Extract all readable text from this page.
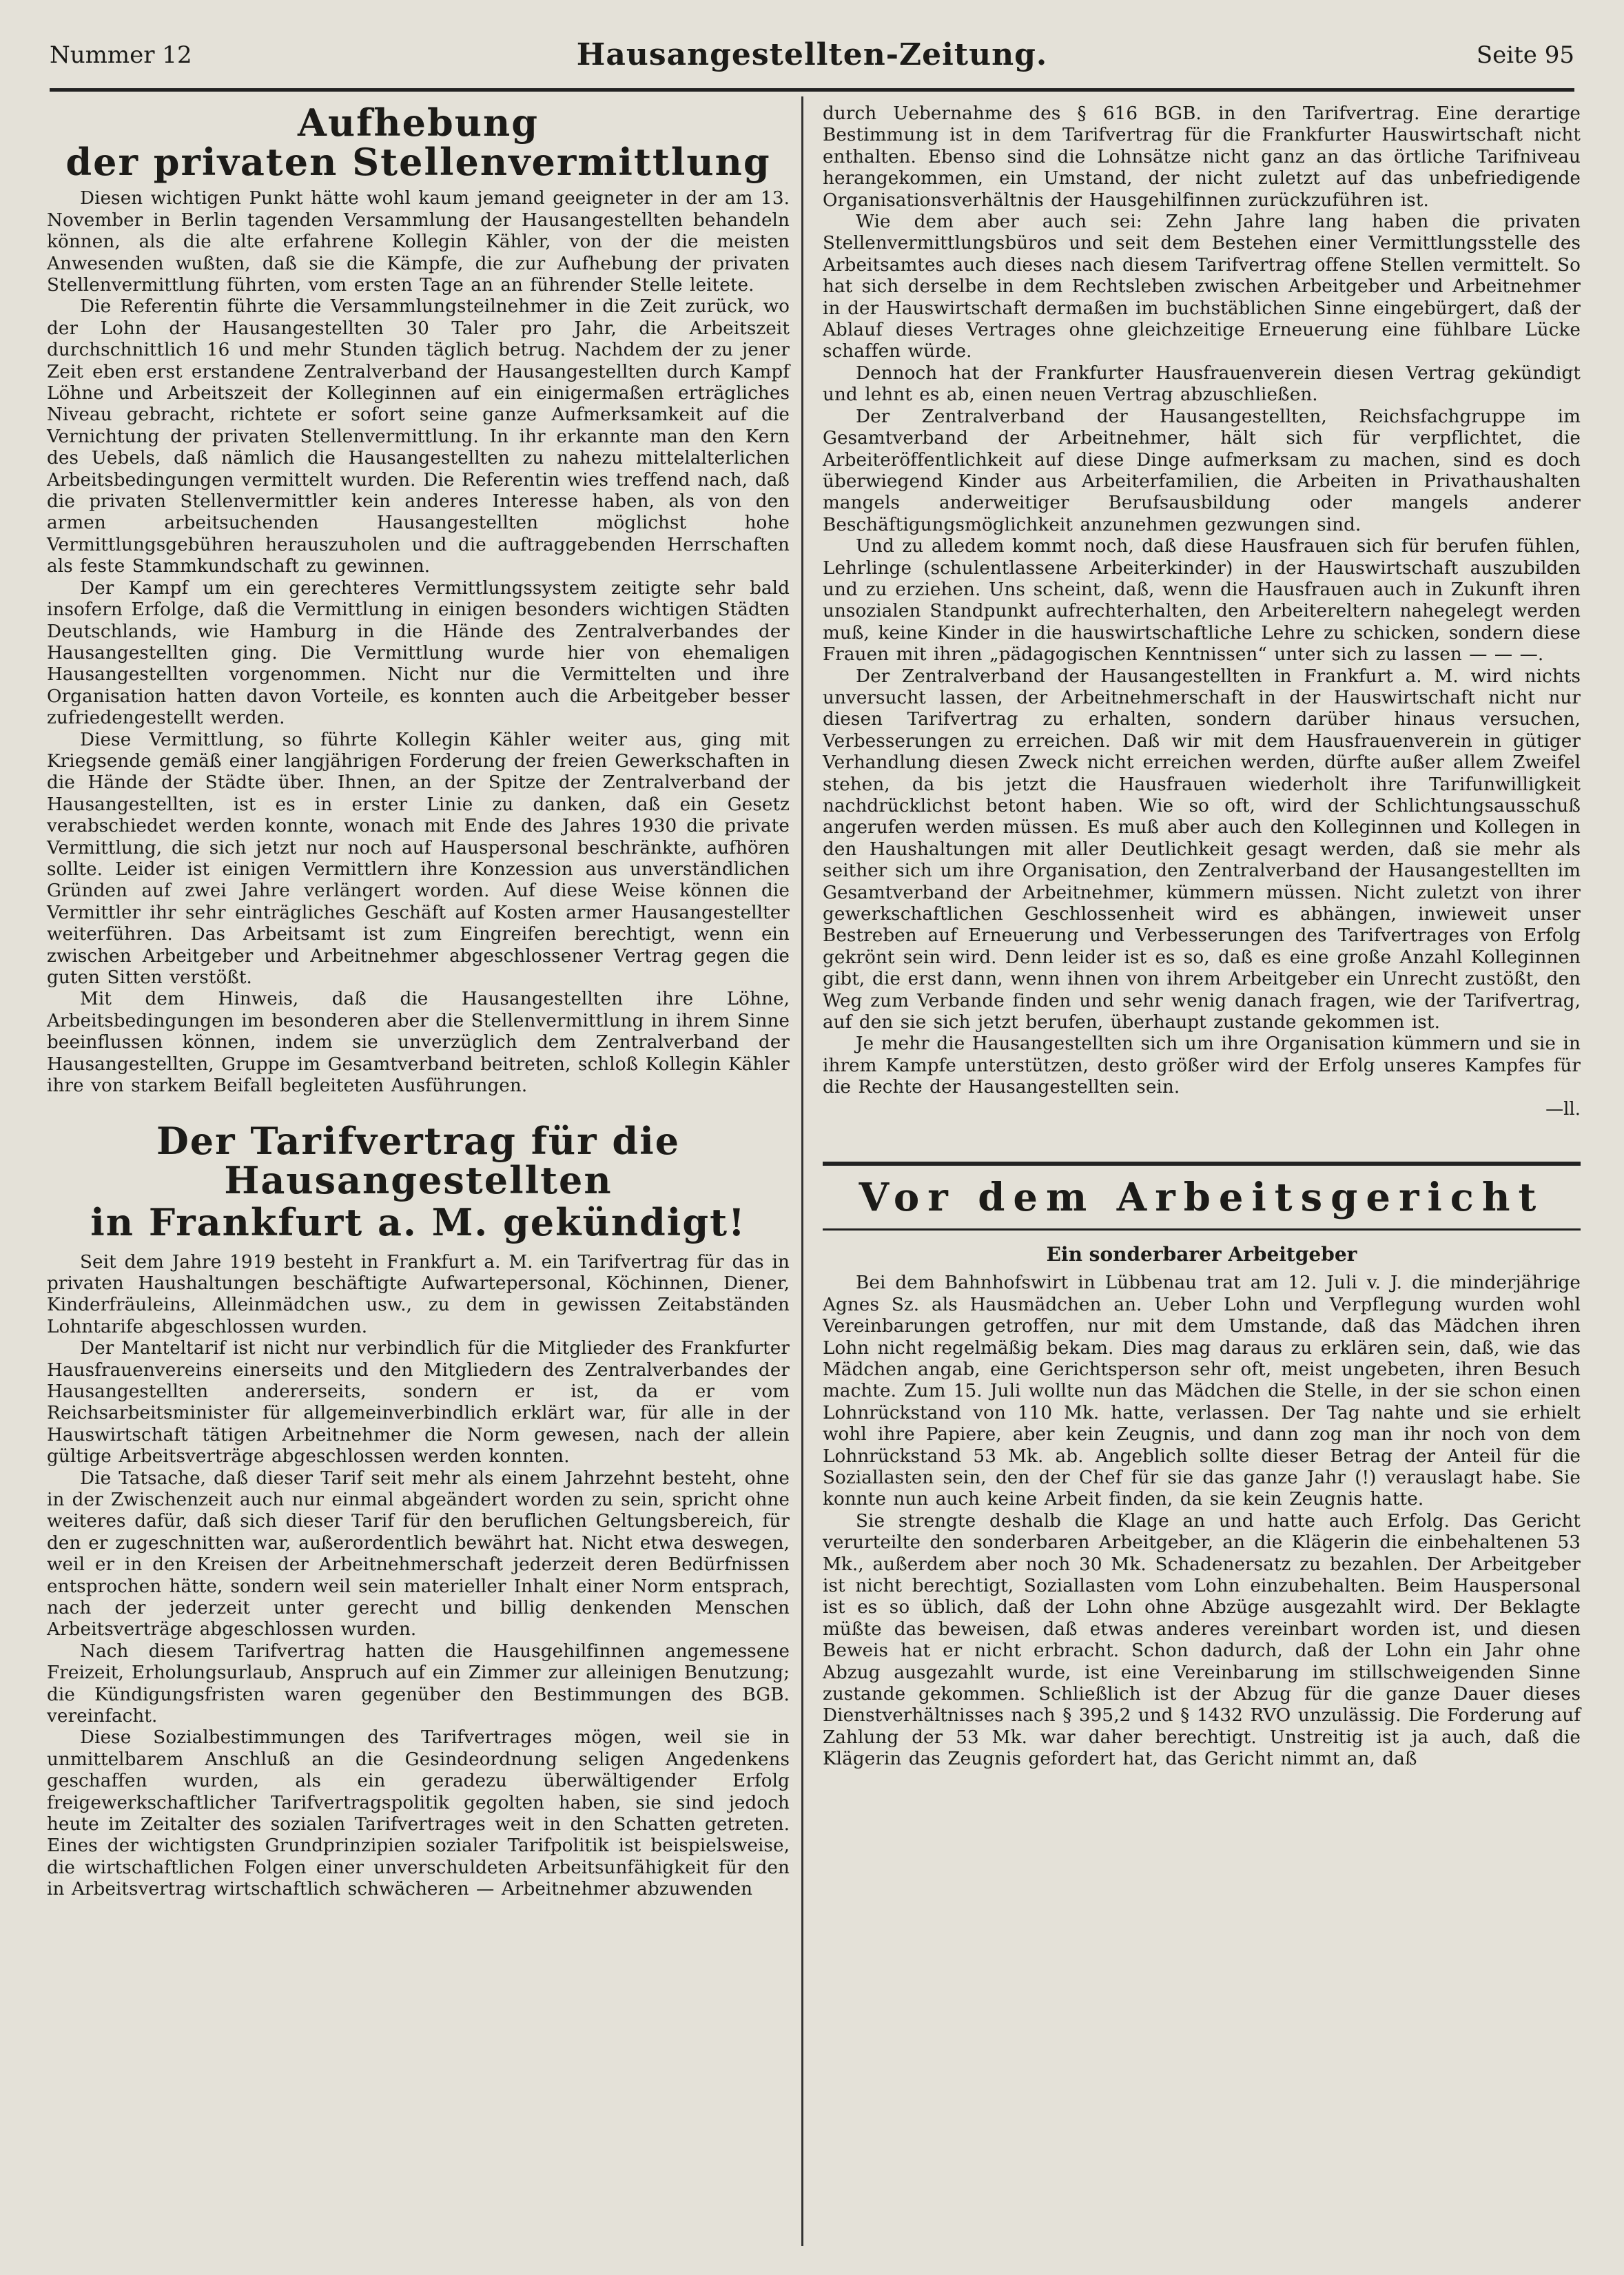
Nummer 12	Hausangestellten-Zeitung.	Seite 95
Aufhebung
der privaten Stellenvermittlung

Diesen wichtigen Punkt hätte wohl kaum jemand geeigneter in der am 13. November in Berlin tagenden Versammlung der Hausangestellten behandeln können, als die alte erfahrene Kollegin Kähler, von der die meisten Anwesenden wußten, daß sie die Kämpfe, die zur Aufhebung der privaten Stellenvermittlung führten, vom ersten Tage an an führender Stelle leitete.

Die Referentin führte die Versammlungsteilnehmer in die Zeit zurück, wo der Lohn der Hausangestellten 30 Taler pro Jahr, die Arbeitszeit durchschnittlich 16 und mehr Stunden täglich betrug. Nachdem der zu jener Zeit eben erst erstandene Zentralverband der Hausangestellten durch Kampf Löhne und Arbeitszeit der Kolleginnen auf ein einigermaßen erträgliches Niveau gebracht, richtete er sofort seine ganze Aufmerksamkeit auf die Vernichtung der privaten Stellenvermittlung. In ihr erkannte man den Kern des Uebels, daß nämlich die Hausangestellten zu nahezu mittelalterlichen Arbeitsbedingungen vermittelt wurden. Die Referentin wies treffend nach, daß die privaten Stellenvermittler kein anderes Interesse haben, als von den armen arbeitsuchenden Hausangestellten möglichst hohe Vermittlungsgebühren herauszuholen und die auftraggebenden Herrschaften als feste Stammkundschaft zu gewinnen.

Der Kampf um ein gerechteres Vermittlungssystem zeitigte sehr bald insofern Erfolge, daß die Vermittlung in einigen besonders wichtigen Städten Deutschlands, wie Hamburg in die Hände des Zentralverbandes der Hausangestellten ging. Die Vermittlung wurde hier von ehemaligen Hausangestellten vorgenommen. Nicht nur die Vermittelten und ihre Organisation hatten davon Vorteile, es konnten auch die Arbeitgeber besser zufriedengestellt werden.

Diese Vermittlung, so führte Kollegin Kähler weiter aus, ging mit Kriegsende gemäß einer langjährigen Forderung der freien Gewerkschaften in die Hände der Städte über. Ihnen, an der Spitze der Zentralverband der Hausangestellten, ist es in erster Linie zu danken, daß ein Gesetz verabschiedet werden konnte, wonach mit Ende des Jahres 1930 die private Vermittlung, die sich jetzt nur noch auf Hauspersonal beschränkte, aufhören sollte. Leider ist einigen Vermittlern ihre Konzession aus unverständlichen Gründen auf zwei Jahre verlängert worden. Auf diese Weise können die Vermittler ihr sehr einträgliches Geschäft auf Kosten armer Hausangestellter weiterführen. Das Arbeitsamt ist zum Eingreifen berechtigt, wenn ein zwischen Arbeitgeber und Arbeitnehmer abgeschlossener Vertrag gegen die guten Sitten verstößt.

Mit dem Hinweis, daß die Hausangestellten ihre Löhne, Arbeitsbedingungen im besonderen aber die Stellenvermittlung in ihrem Sinne beeinflussen können, indem sie unverzüglich dem Zentralverband der Hausangestellten, Gruppe im Gesamtverband beitreten, schloß Kollegin Kähler ihre von starkem Beifall begleiteten Ausführungen.

Der Tarifvertrag für die Hausangestellten
in Frankfurt a. M. gekündigt!

Seit dem Jahre 1919 besteht in Frankfurt a. M. ein Tarifvertrag für das in privaten Haushaltungen beschäftigte Aufwartepersonal, Köchinnen, Diener, Kinderfräuleins, Alleinmädchen usw., zu dem in gewissen Zeitabständen Lohntarife abgeschlossen wurden.

Der Manteltarif ist nicht nur verbindlich für die Mitglieder des Frankfurter Hausfrauenvereins einerseits und den Mitgliedern des Zentralverbandes der Hausangestellten andererseits, sondern er ist, da er vom Reichsarbeitsminister für allgemeinverbindlich erklärt war, für alle in der Hauswirtschaft tätigen Arbeitnehmer die Norm gewesen, nach der allein gültige Arbeitsverträge abgeschlossen werden konnten.

Die Tatsache, daß dieser Tarif seit mehr als einem Jahrzehnt besteht, ohne in der Zwischenzeit auch nur einmal abgeändert worden zu sein, spricht ohne weiteres dafür, daß sich dieser Tarif für den beruflichen Geltungsbereich, für den er zugeschnitten war, außerordentlich bewährt hat. Nicht etwa deswegen, weil er in den Kreisen der Arbeitnehmerschaft jederzeit deren Bedürfnissen entsprochen hätte, sondern weil sein materieller Inhalt einer Norm entsprach, nach der jederzeit unter gerecht und billig denkenden Menschen Arbeitsverträge abgeschlossen wurden.

Nach diesem Tarifvertrag hatten die Hausgehilfinnen angemessene Freizeit, Erholungsurlaub, Anspruch auf ein Zimmer zur alleinigen Benutzung; die Kündigungsfristen waren gegenüber den Bestimmungen des BGB. vereinfacht.

Diese Sozialbestimmungen des Tarifvertrages mögen, weil sie in unmittelbarem Anschluß an die Gesindeordnung seligen Angedenkens geschaffen wurden, als ein geradezu überwältigender Erfolg freigewerkschaftlicher Tarifvertragspolitik gegolten haben, sie sind jedoch heute im Zeitalter des sozialen Tarifvertrages weit in den Schatten getreten. Eines der wichtigsten Grundprinzipien sozialer Tarifpolitik ist beispielsweise, die wirtschaftlichen Folgen einer unverschuldeten Arbeitsunfähigkeit für den in Arbeitsvertrag wirtschaftlich schwächeren — Arbeitnehmer abzuwenden

durch Uebernahme des § 616 BGB. in den Tarifvertrag. Eine derartige Bestimmung ist in dem Tarifvertrag für die Frankfurter Hauswirtschaft nicht enthalten. Ebenso sind die Lohnsätze nicht ganz an das örtliche Tarifniveau herangekommen, ein Umstand, der nicht zuletzt auf das unbefriedigende Organisationsverhältnis der Hausgehilfinnen zurückzuführen ist.

Wie dem aber auch sei: Zehn Jahre lang haben die privaten Stellenvermittlungsbüros und seit dem Bestehen einer Vermittlungsstelle des Arbeitsamtes auch dieses nach diesem Tarifvertrag offene Stellen vermittelt. So hat sich derselbe in dem Rechtsleben zwischen Arbeitgeber und Arbeitnehmer in der Hauswirtschaft dermaßen im buchstäblichen Sinne eingebürgert, daß der Ablauf dieses Vertrages ohne gleichzeitige Erneuerung eine fühlbare Lücke schaffen würde.

Dennoch hat der Frankfurter Hausfrauenverein diesen Vertrag gekündigt und lehnt es ab, einen neuen Vertrag abzuschließen.

Der Zentralverband der Hausangestellten, Reichsfachgruppe im Gesamtverband der Arbeitnehmer, hält sich für verpflichtet, die Arbeiteröffentlichkeit auf diese Dinge aufmerksam zu machen, sind es doch überwiegend Kinder aus Arbeiterfamilien, die Arbeiten in Privathaushalten mangels anderweitiger Berufsausbildung oder mangels anderer Beschäftigungsmöglichkeit anzunehmen gezwungen sind.

Und zu alledem kommt noch, daß diese Hausfrauen sich für berufen fühlen, Lehrlinge (schulentlassene Arbeiterkinder) in der Hauswirtschaft auszubilden und zu erziehen. Uns scheint, daß, wenn die Hausfrauen auch in Zukunft ihren unsozialen Standpunkt aufrechterhalten, den Arbeitereltern nahegelegt werden muß, keine Kinder in die hauswirtschaftliche Lehre zu schicken, sondern diese Frauen mit ihren „pädagogischen Kenntnissen“ unter sich zu lassen — — —.

Der Zentralverband der Hausangestellten in Frankfurt a. M. wird nichts unversucht lassen, der Arbeitnehmerschaft in der Hauswirtschaft nicht nur diesen Tarifvertrag zu erhalten, sondern darüber hinaus versuchen, Verbesserungen zu erreichen. Daß wir mit dem Hausfrauenverein in gütiger Verhandlung diesen Zweck nicht erreichen werden, dürfte außer allem Zweifel stehen, da bis jetzt die Hausfrauen wiederholt ihre Tarifunwilligkeit nachdrücklichst betont haben. Wie so oft, wird der Schlichtungsausschuß angerufen werden müssen. Es muß aber auch den Kolleginnen und Kollegen in den Haushaltungen mit aller Deutlichkeit gesagt werden, daß sie mehr als seither sich um ihre Organisation, den Zentralverband der Hausangestellten im Gesamtverband der Arbeitnehmer, kümmern müssen. Nicht zuletzt von ihrer gewerkschaftlichen Geschlossenheit wird es abhängen, inwieweit unser Bestreben auf Erneuerung und Verbesserungen des Tarifvertrages von Erfolg gekrönt sein wird. Denn leider ist es so, daß es eine große Anzahl Kolleginnen gibt, die erst dann, wenn ihnen von ihrem Arbeitgeber ein Unrecht zustößt, den Weg zum Verbande finden und sehr wenig danach fragen, wie der Tarifvertrag, auf den sie sich jetzt berufen, überhaupt zustande gekommen ist.

Je mehr die Hausangestellten sich um ihre Organisation kümmern und sie in ihrem Kampfe unterstützen, desto größer wird der Erfolg unseres Kampfes für die Rechte der Hausangestellten sein.

—ll.

Vor dem Arbeitsgericht
Ein sonderbarer Arbeitgeber

Bei dem Bahnhofswirt in Lübbenau trat am 12. Juli v. J. die minderjährige Agnes Sz. als Hausmädchen an. Ueber Lohn und Verpflegung wurden wohl Vereinbarungen getroffen, nur mit dem Umstande, daß das Mädchen ihren Lohn nicht regelmäßig bekam. Dies mag daraus zu erklären sein, daß, wie das Mädchen angab, eine Gerichtsperson sehr oft, meist ungebeten, ihren Besuch machte. Zum 15. Juli wollte nun das Mädchen die Stelle, in der sie schon einen Lohnrückstand von 110 Mk. hatte, verlassen. Der Tag nahte und sie erhielt wohl ihre Papiere, aber kein Zeugnis, und dann zog man ihr noch von dem Lohnrückstand 53 Mk. ab. Angeblich sollte dieser Betrag der Anteil für die Soziallasten sein, den der Chef für sie das ganze Jahr (!) verauslagt habe. Sie konnte nun auch keine Arbeit finden, da sie kein Zeugnis hatte.

Sie strengte deshalb die Klage an und hatte auch Erfolg. Das Gericht verurteilte den sonderbaren Arbeitgeber, an die Klägerin die einbehaltenen 53 Mk., außerdem aber noch 30 Mk. Schadenersatz zu bezahlen. Der Arbeitgeber ist nicht berechtigt, Soziallasten vom Lohn einzubehalten. Beim Hauspersonal ist es so üblich, daß der Lohn ohne Abzüge ausgezahlt wird. Der Beklagte müßte das beweisen, daß etwas anderes vereinbart worden ist, und diesen Beweis hat er nicht erbracht. Schon dadurch, daß der Lohn ein Jahr ohne Abzug ausgezahlt wurde, ist eine Vereinbarung im stillschweigenden Sinne zustande gekommen. Schließlich ist der Abzug für die ganze Dauer dieses Dienstverhältnisses nach § 395,2 und § 1432 RVO unzulässig. Die Forderung auf Zahlung der 53 Mk. war daher berechtigt. Unstreitig ist ja auch, daß die Klägerin das Zeugnis gefordert hat, das Gericht nimmt an, daß
